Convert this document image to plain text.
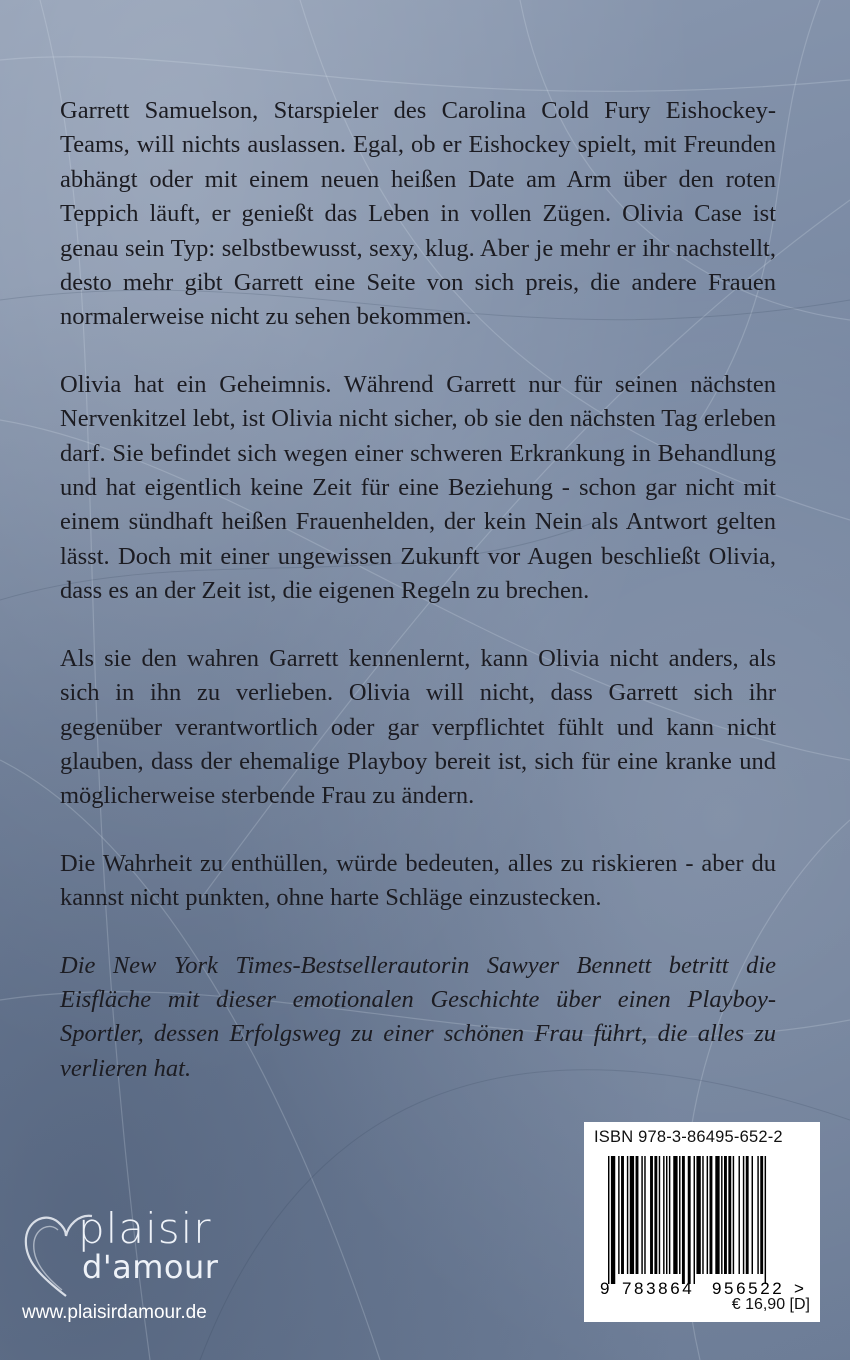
Garrett Samuelson, Starspieler des Carolina Cold Fury Eishockey-Teams, will nichts auslassen. Egal, ob er Eishockey spielt, mit Freunden abhängt oder mit einem neuen heißen Date am Arm über den roten Teppich läuft, er genießt das Leben in vollen Zügen. Olivia Case ist genau sein Typ: selbstbewusst, sexy, klug. Aber je mehr er ihr nachstellt, desto mehr gibt Garrett eine Seite von sich preis, die andere Frauen normalerweise nicht zu sehen bekommen.

Olivia hat ein Geheimnis. Während Garrett nur für seinen nächsten Nervenkitzel lebt, ist Olivia nicht sicher, ob sie den nächsten Tag erleben darf. Sie befindet sich wegen einer schweren Erkrankung in Behandlung und hat eigentlich keine Zeit für eine Beziehung - schon gar nicht mit einem sündhaft heißen Frauenhelden, der kein Nein als Antwort gelten lässt. Doch mit einer ungewissen Zukunft vor Augen beschließt Olivia, dass es an der Zeit ist, die eigenen Regeln zu brechen.

Als sie den wahren Garrett kennenlernt, kann Olivia nicht anders, als sich in ihn zu verlieben. Olivia will nicht, dass Garrett sich ihr gegenüber verantwortlich oder gar verpflichtet fühlt und kann nicht glauben, dass der ehemalige Playboy bereit ist, sich für eine kranke und möglicherweise sterbende Frau zu ändern.

Die Wahrheit zu enthüllen, würde bedeuten, alles zu riskieren - aber du kannst nicht punkten, ohne harte Schläge einzustecken.

Die New York Times-Bestsellerautorin Sawyer Bennett betritt die Eisfläche mit dieser emotionalen Geschichte über einen Playboy-Sportler, dessen Erfolgsweg zu einer schönen Frau führt, die alles zu verlieren hat.

plaisir
d'amour
www.plaisirdamour.de
ISBN 978-3-86495-652-2
9 783864 956522 >
€ 16,90 [D]
